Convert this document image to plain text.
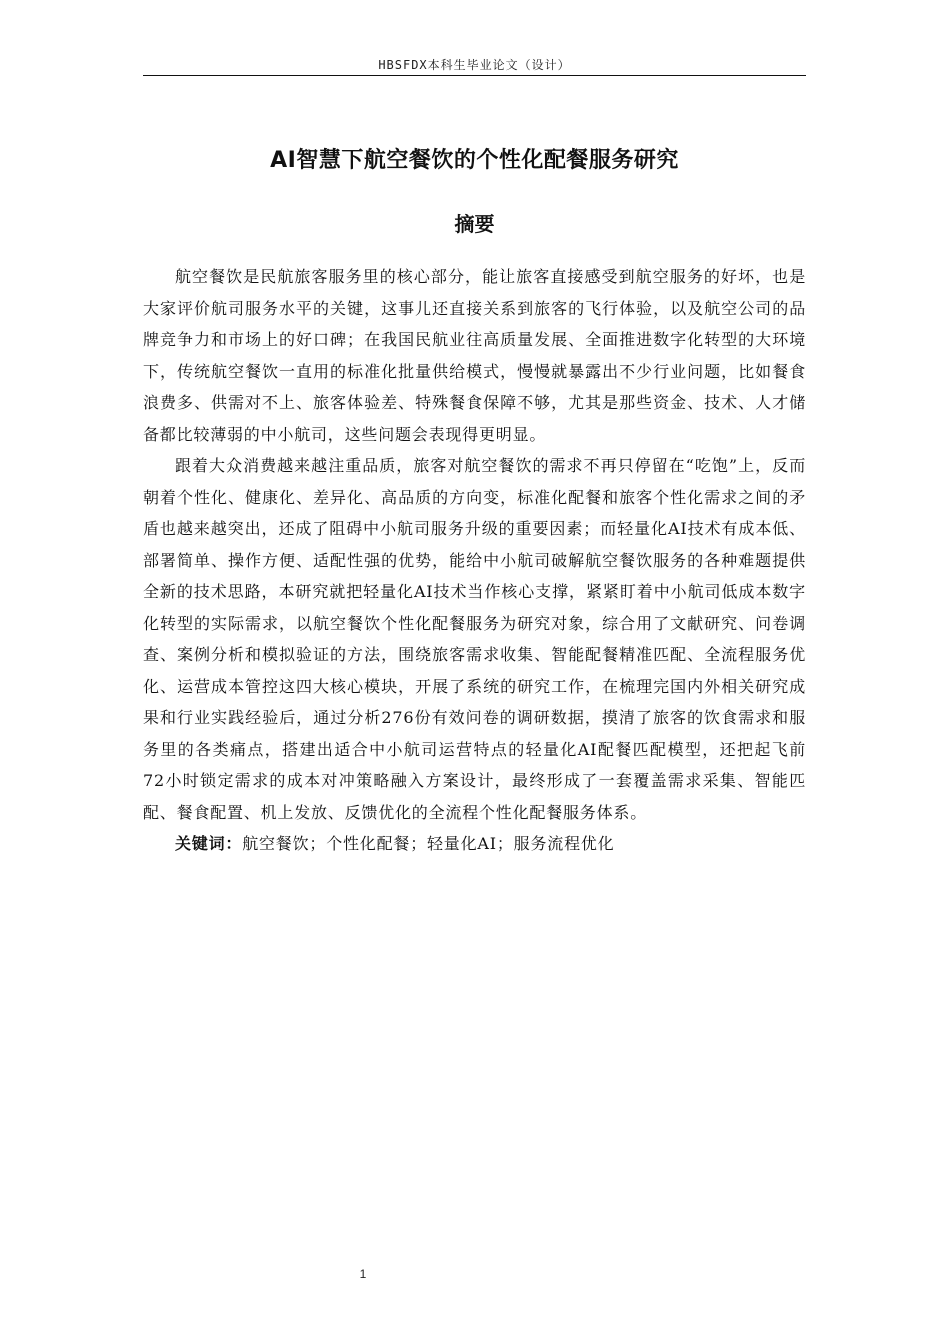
HBSFDX本科生毕业论文（设计）
AI智慧下航空餐饮的个性化配餐服务研究
摘要

航空餐饮是民航旅客服务里的核心部分，能让旅客直接感受到航空服务的好坏，也是大家评价航司服务水平的关键，这事儿还直接关系到旅客的飞行体验，以及航空公司的品牌竞争力和市场上的好口碑；在我国民航业往高质量发展、全面推进数字化转型的大环境下，传统航空餐饮一直用的标准化批量供给模式，慢慢就暴露出不少行业问题，比如餐食浪费多、供需对不上、旅客体验差、特殊餐食保障不够，尤其是那些资金、技术、人才储备都比较薄弱的中小航司，这些问题会表现得更明显。

跟着大众消费越来越注重品质，旅客对航空餐饮的需求不再只停留在“吃饱”上，反而朝着个性化、健康化、差异化、高品质的方向变，标准化配餐和旅客个性化需求之间的矛盾也越来越突出，还成了阻碍中小航司服务升级的重要因素；而轻量化AI技术有成本低、部署简单、操作方便、适配性强的优势，能给中小航司破解航空餐饮服务的各种难题提供全新的技术思路，本研究就把轻量化AI技术当作核心支撑，紧紧盯着中小航司低成本数字化转型的实际需求，以航空餐饮个性化配餐服务为研究对象，综合用了文献研究、问卷调查、案例分析和模拟验证的方法，围绕旅客需求收集、智能配餐精准匹配、全流程服务优化、运营成本管控这四大核心模块，开展了系统的研究工作，在梳理完国内外相关研究成果和行业实践经验后，通过分析276份有效问卷的调研数据，摸清了旅客的饮食需求和服务里的各类痛点，搭建出适合中小航司运营特点的轻量化AI配餐匹配模型，还把起飞前72小时锁定需求的成本对冲策略融入方案设计，最终形成了一套覆盖需求采集、智能匹配、餐食配置、机上发放、反馈优化的全流程个性化配餐服务体系。

关键词：航空餐饮；个性化配餐；轻量化AI；服务流程优化

1
